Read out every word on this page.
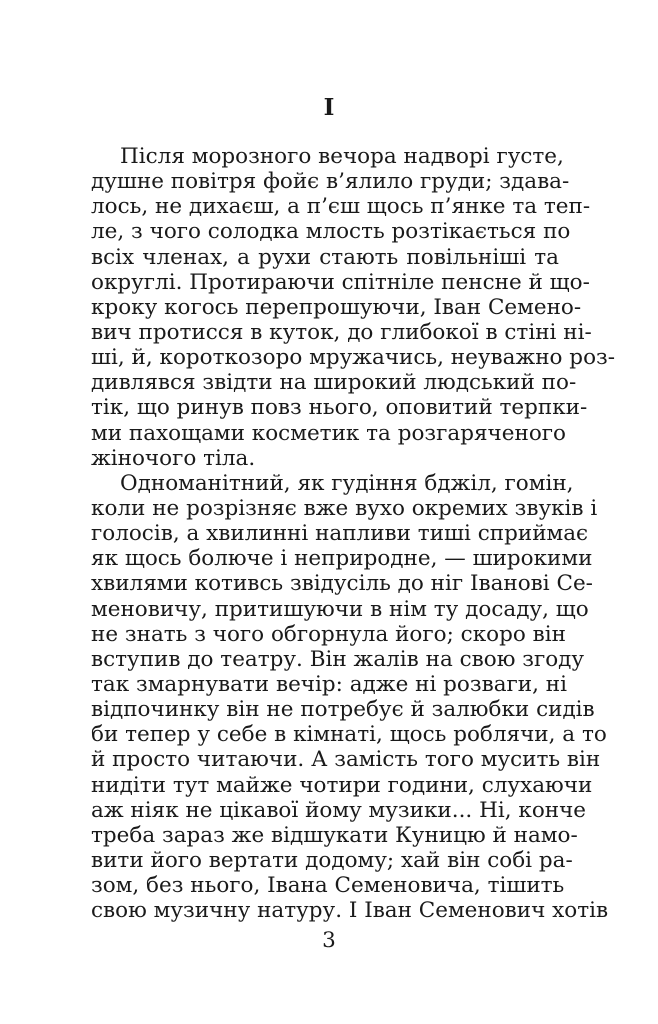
I
Після морозного вечора надворі густе,
душне повітря фойє в’ялило груди; здава-
лось, не дихаєш, а п’єш щось п’янке та теп-
ле, з чого солодка млость розтікається по
всіх членах, а рухи стають повільніші та
округлі. Протираючи спітніле пенсне й що-
кроку когось перепрошуючи, Іван Семено-
вич протисся в куток, до глибокої в стіні ні-
ші, й, короткозоро мружачись, неуважно роз-
дивлявся звідти на широкий людський по-
тік, що ринув повз нього, оповитий терпки-
ми пахощами косметик та розгаряченого
жіночого тіла.
Одноманітний, як гудіння бджіл, гомін,
коли не розрізняє вже вухо окремих звуків і
голосів, а хвилинні напливи тиші сприймає
як щось болюче і неприродне, — широкими
хвилями котивсь звідусіль до ніг Іванові Се-
меновичу, притишуючи в нім ту досаду, що
не знать з чого обгорнула його; скоро він
вступив до театру. Він жалів на свою згоду
так змарнувати вечір: адже ні розваги, ні
відпочинку він не потребує й залюбки сидів
би тепер у себе в кімнаті, щось роблячи, а то
й просто читаючи. А замість того мусить він
нидіти тут майже чотири години, слухаючи
аж ніяк не цікавої йому музики... Ні, конче
треба зараз же відшукати Куницю й намо-
вити його вертати додому; хай він собі ра-
зом, без нього, Івана Семеновича, тішить
свою музичну натуру. І Іван Семенович хотів
3
